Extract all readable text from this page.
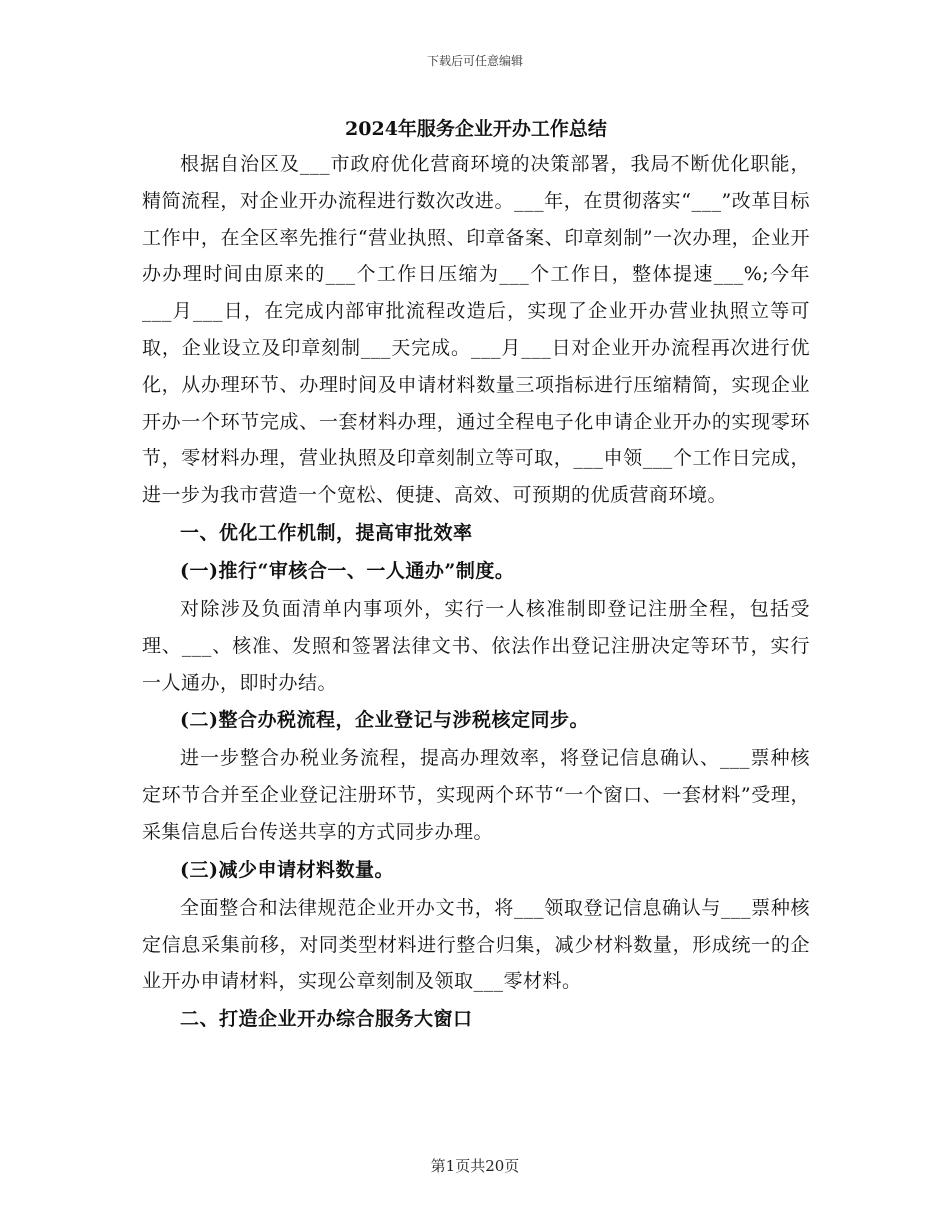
下载后可任意编辑
2024年服务企业开办工作总结

根据自治区及___市政府优化营商环境的决策部署，我局不断优化职能，精简流程，对企业开办流程进行数次改进。___年，在贯彻落实“___”改革目标工作中，在全区率先推行“营业执照、印章备案、印章刻制”一次办理，企业开办办理时间由原来的___个工作日压缩为___个工作日，整体提速___%;今年___月___日，在完成内部审批流程改造后，实现了企业开办营业执照立等可取，企业设立及印章刻制___天完成。___月___日对企业开办流程再次进行优化，从办理环节、办理时间及申请材料数量三项指标进行压缩精简，实现企业开办一个环节完成、一套材料办理，通过全程电子化申请企业开办的实现零环节，零材料办理，营业执照及印章刻制立等可取，___申领___个工作日完成，进一步为我市营造一个宽松、便捷、高效、可预期的优质营商环境。

一、优化工作机制，提高审批效率

(一)推行“审核合一、一人通办”制度。

对除涉及负面清单内事项外，实行一人核准制即登记注册全程，包括受理、___、核准、发照和签署法律文书、依法作出登记注册决定等环节，实行一人通办，即时办结。

(二)整合办税流程，企业登记与涉税核定同步。

进一步整合办税业务流程，提高办理效率，将登记信息确认、___票种核定环节合并至企业登记注册环节，实现两个环节“一个窗口、一套材料”受理，采集信息后台传送共享的方式同步办理。

(三)减少申请材料数量。

全面整合和法律规范企业开办文书，将___领取登记信息确认与___票种核定信息采集前移，对同类型材料进行整合归集，减少材料数量，形成统一的企业开办申请材料，实现公章刻制及领取___零材料。

二、打造企业开办综合服务大窗口

第1页共20页
